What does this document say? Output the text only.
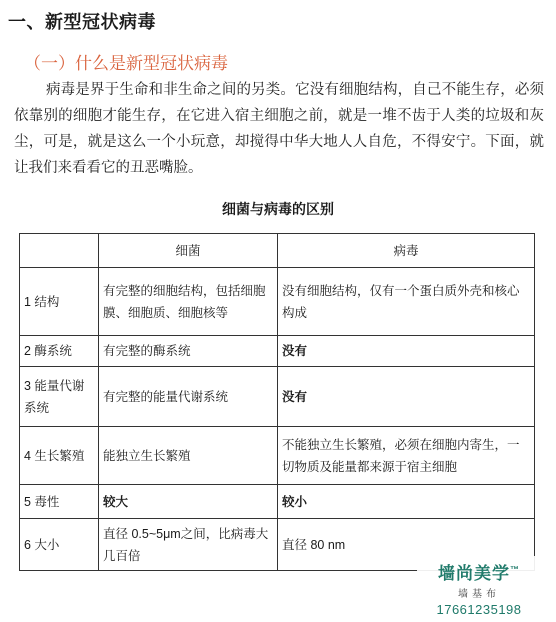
一、新型冠状病毒
（一）什么是新型冠状病毒
病毒是界于生命和非生命之间的另类。它没有细胞结构，自己不能生存，必须依靠别的细胞才能生存，在它进入宿主细胞之前，就是一堆不齿于人类的垃圾和灰尘，可是，就是这么一个小玩意，却搅得中华大地人人自危，不得安宁。下面，就让我们来看看它的丑恶嘴脸。
细菌与病毒的区别
	细菌	病毒
1 结构	有完整的细胞结构，包括细胞膜、细胞质、细胞核等	没有细胞结构，仅有一个蛋白质外壳和核心构成
2 酶系统	有完整的酶系统	没有
3 能量代谢系统	有完整的能量代谢系统	没有
4 生长繁殖	能独立生长繁殖	不能独立生长繁殖，必须在细胞内寄生，一切物质及能量都来源于宿主细胞
5 毒性	较大	较小
6 大小	直径 0.5~5μm之间，比病毒大几百倍	直径 80 nm
墙尚美学™
墙基布
17661235198
